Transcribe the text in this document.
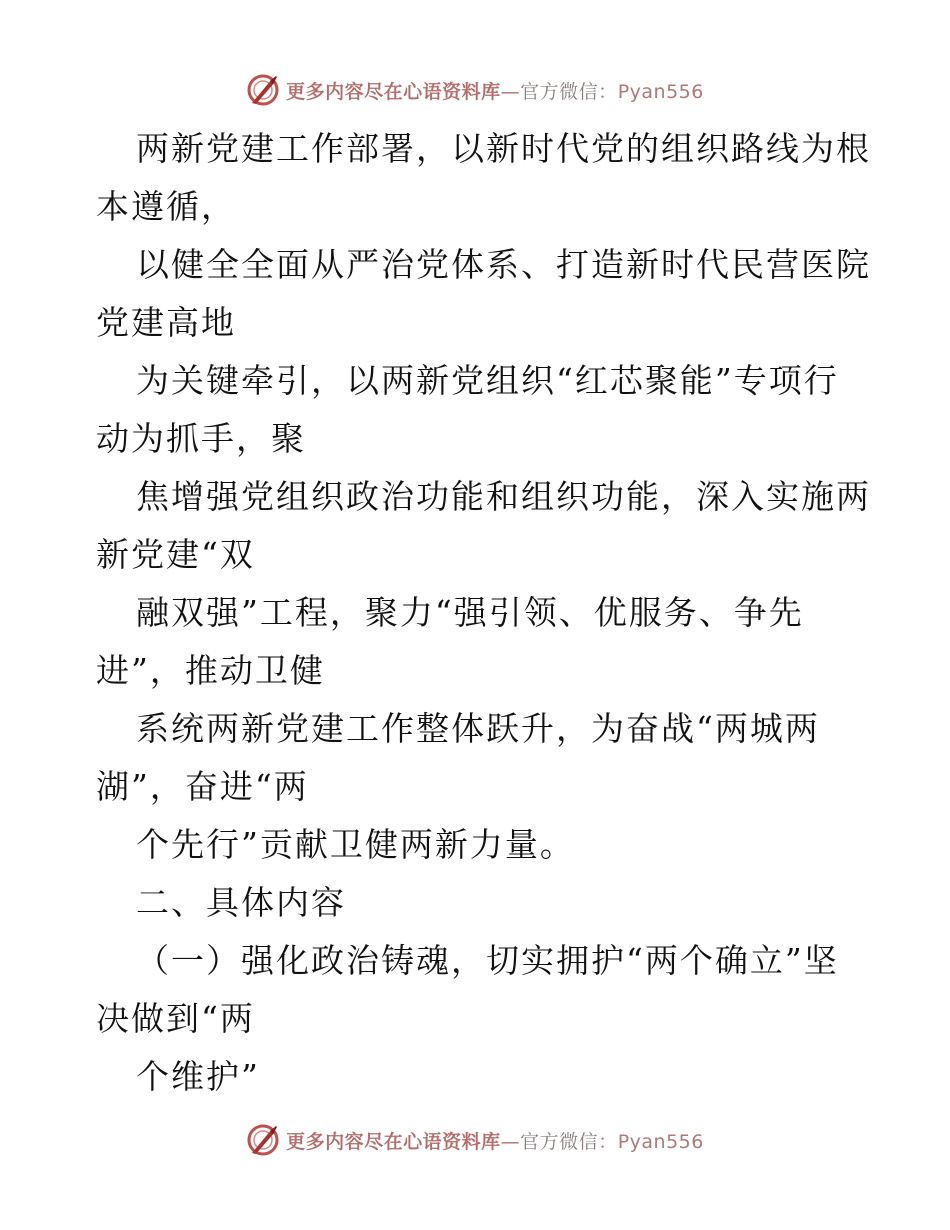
更多内容尽在心语资料库—官方微信：Pyan556
两新党建工作部署，以新时代党的组织路线为根
本遵循，
以健全全面从严治党体系、打造新时代民营医院
党建高地
为关键牵引，以两新党组织“红芯聚能”专项行
动为抓手，聚
焦增强党组织政治功能和组织功能，深入实施两
新党建“双
融双强”工程，聚力“强引领、优服务、争先
进”，推动卫健
系统两新党建工作整体跃升，为奋战“两城两
湖”，奋进“两
个先行”贡献卫健两新力量。
二、具体内容
（一）强化政治铸魂，切实拥护“两个确立”坚
决做到“两
个维护”
更多内容尽在心语资料库—官方微信：Pyan556
